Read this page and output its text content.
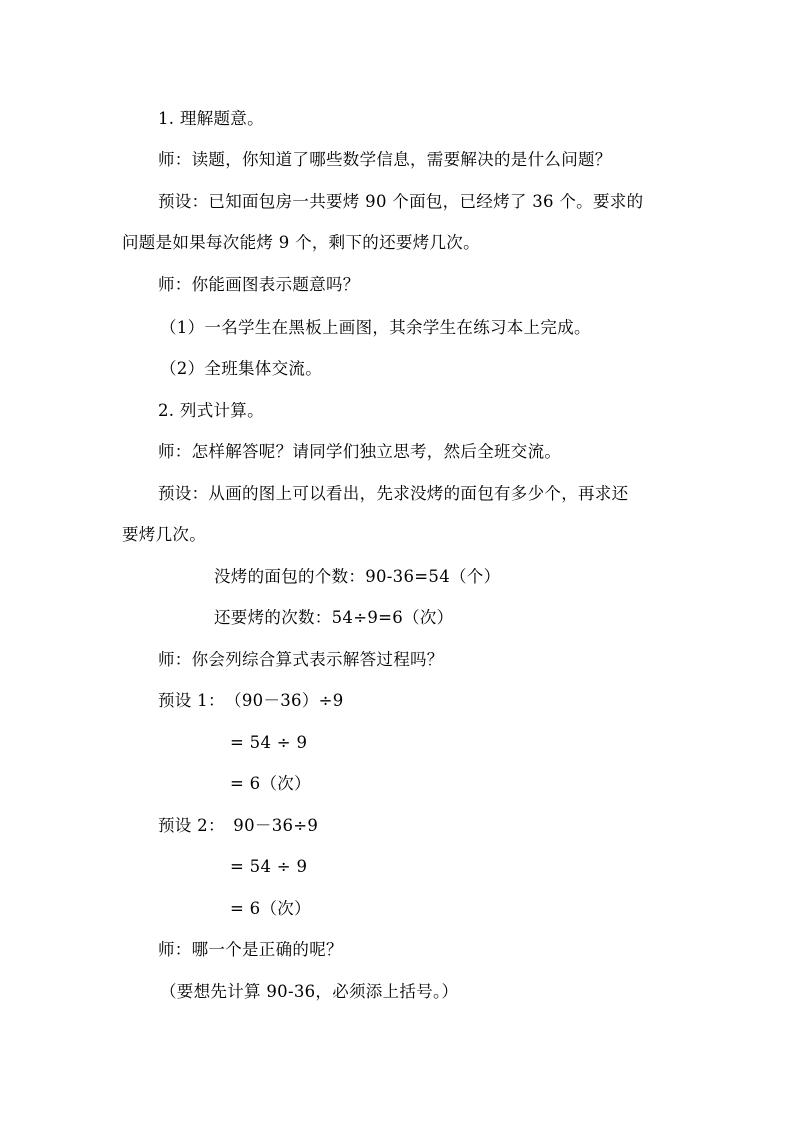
1. 理解题意。
师：读题，你知道了哪些数学信息，需要解决的是什么问题？
预设：已知面包房一共要烤 90 个面包，已经烤了 36 个。要求的
问题是如果每次能烤 9 个，剩下的还要烤几次。
师：你能画图表示题意吗？
（1）一名学生在黑板上画图，其余学生在练习本上完成。
（2）全班集体交流。
2. 列式计算。
师：怎样解答呢？请同学们独立思考，然后全班交流。
预设：从画的图上可以看出，先求没烤的面包有多少个，再求还
要烤几次。
没烤的面包的个数：90-36=54（个）
还要烤的次数：54÷9=6（次）
师：你会列综合算式表示解答过程吗？
预设 1：　（90－36）÷9
= 54 ÷ 9
= 6（次）
预设 2：　90－36÷9
= 54 ÷ 9
= 6（次）
师：哪一个是正确的呢？
（要想先计算 90-36，必须添上括号。）
